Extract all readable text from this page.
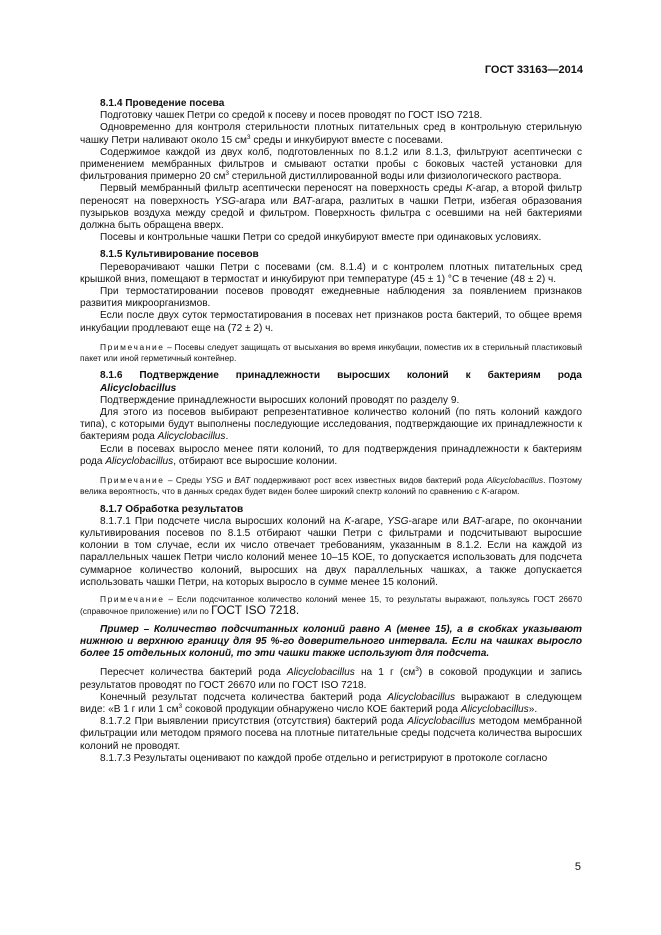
ГОСТ 33163—2014
8.1.4 Проведение посева

Подготовку чашек Петри со средой к посеву и посев проводят по ГОСТ ISO 7218.

Одновременно для контроля стерильности плотных питательных сред в контрольную стерильную чашку Петри наливают около 15 $см^3$ среды и инкубируют вместе с посевами.

Содержимое каждой из двух колб, подготовленных по 8.1.2 или 8.1.3, фильтруют асептически с применением мембранных фильтров и смывают остатки пробы с боковых частей установки для фильтрования примерно 20 $см^3$ стерильной дистиллированной воды или физиологического раствора.

Первый мембранный фильтр асептически переносят на поверхность среды K-агар, а второй фильтр переносят на поверхность YSG-агара или BAT-агара, разлитых в чашки Петри, избегая образования пузырьков воздуха между средой и фильтром. Поверхность фильтра с осевшими на ней бактериями должна быть обращена вверх.

Посевы и контрольные чашки Петри со средой инкубируют вместе при одинаковых условиях.

8.1.5 Культивирование посевов

Переворачивают чашки Петри с посевами (см. 8.1.4) и с контролем плотных питательных сред крышкой вниз, помещают в термостат и инкубируют при температуре (45 ± 1) °С в течение (48 ± 2) ч.

При термостатировании посевов проводят ежедневные наблюдения за появлением признаков развития микроорганизмов.

Если после двух суток термостатирования в посевах нет признаков роста бактерий, то общее время инкубации продлевают еще на (72 ± 2) ч.

Примечание – Посевы следует защищать от высыхания во время инкубации, поместив их в стерильный пластиковый пакет или иной герметичный контейнер.

8.1.6 Подтверждение принадлежности выросших колоний к бактериям рода
Alicyclobacillus

Подтверждение принадлежности выросших колоний проводят по разделу 9.

Для этого из посевов выбирают репрезентативное количество колоний (по пять колоний каждого типа), с которыми будут выполнены последующие исследования, подтверждающие их принадлежности к бактериям рода Alicyclobacillus.

Если в посевах выросло менее пяти колоний, то для подтверждения принадлежности к бактериям рода Alicyclobacillus, отбирают все выросшие колонии.

Примечание – Среды YSG и BAT поддерживают рост всех известных видов бактерий рода Alicyclobacillus. Поэтому велика вероятность, что в данных средах будет виден более широкий спектр колоний по сравнению с K-агаром.

8.1.7 Обработка результатов

8.1.7.1 При подсчете числа выросших колоний на K-агаре, YSG-агаре или BAT-агаре, по окончании культивирования посевов по 8.1.5 отбирают чашки Петри с фильтрами и подсчитывают выросшие колонии в том случае, если их число отвечает требованиям, указанным в 8.1.2. Если на каждой из параллельных чашек Петри число колоний менее 10–15 КОЕ, то допускается использовать для подсчета суммарное количество колоний, выросших на двух параллельных чашках, а также допускается использовать чашки Петри, на которых выросло в сумме менее 15 колоний.

Примечание – Если подсчитанное количество колоний менее 15, то результаты выражают, пользуясь ГОСТ 26670 (справочное приложение) или по ГОСТ ISO 7218.

Пример – Количество подсчитанных колоний равно А (менее 15), а в скобках указывают нижнюю и верхнюю границу для 95 %-го доверительного интервала. Если на чашках выросло более 15 отдельных колоний, то эти чашки также используют для подсчета.

Пересчет количества бактерий рода Alicyclobacillus на 1 г $(см^3)$ в соковой продукции и запись результатов проводят по ГОСТ 26670 или по ГОСТ ISO 7218.

Конечный результат подсчета количества бактерий рода Alicyclobacillus выражают в следующем виде: «В 1 г или 1 $см^3$ соковой продукции обнаружено число КОЕ бактерий рода Alicyclobacillus».

8.1.7.2 При выявлении присутствия (отсутствия) бактерий рода Alicyclobacillus методом мембранной фильтрации или методом прямого посева на плотные питательные среды подсчета количества выросших колоний не проводят.

8.1.7.3 Результаты оценивают по каждой пробе отдельно и регистрируют в протоколе согласно

5
